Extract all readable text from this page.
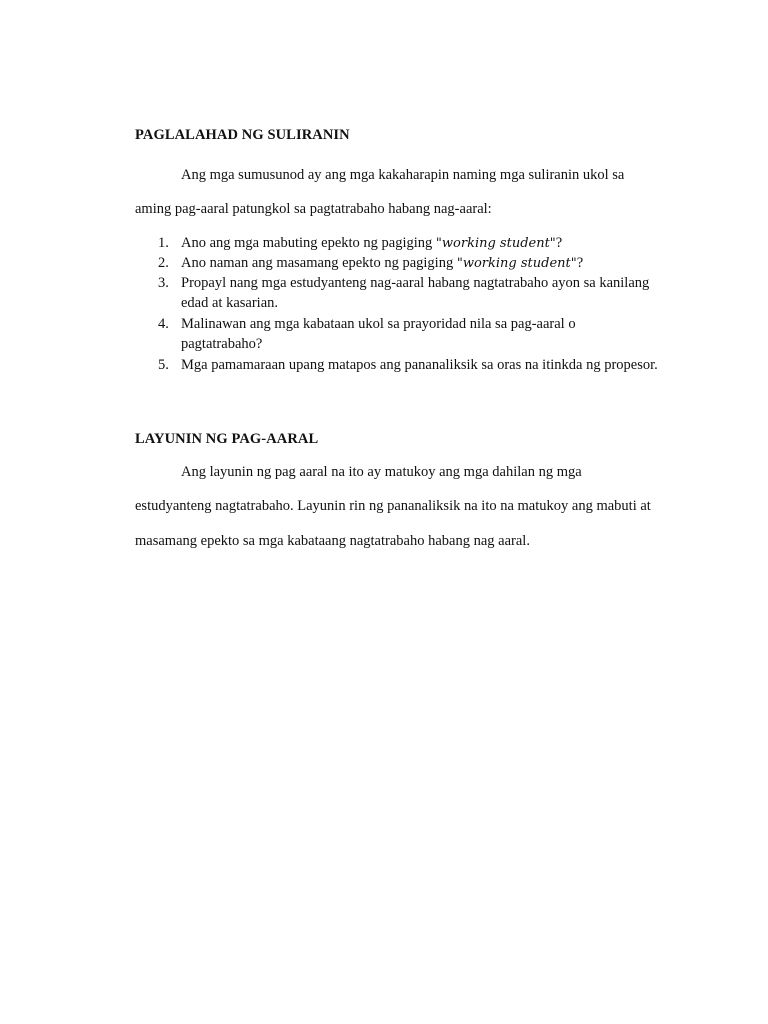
PAGLALAHAD NG SULIRANIN
Ang mga sumusunod ay ang mga kakaharapin naming mga suliranin ukol sa
aming pag-aaral patungkol sa pagtatrabaho habang nag-aaral:
1. Ano ang mga mabuting epekto ng pagiging "working student"?
2. Ano naman ang masamang epekto ng pagiging "working student"?
3. Propayl nang mga estudyanteng nag-aaral habang nagtatrabaho ayon sa kanilang
edad at kasarian.
4. Malinawan ang mga kabataan ukol sa prayoridad nila sa pag-aaral o
pagtatrabaho?
5. Mga pamamaraan upang matapos ang pananaliksik sa oras na itinkda ng propesor.
LAYUNIN NG PAG-AARAL
Ang layunin ng pag aaral na ito ay matukoy ang mga dahilan ng mga
estudyanteng nagtatrabaho. Layunin rin ng pananaliksik na ito na matukoy ang mabuti at
masamang epekto sa mga kabataang nagtatrabaho habang nag aaral.
